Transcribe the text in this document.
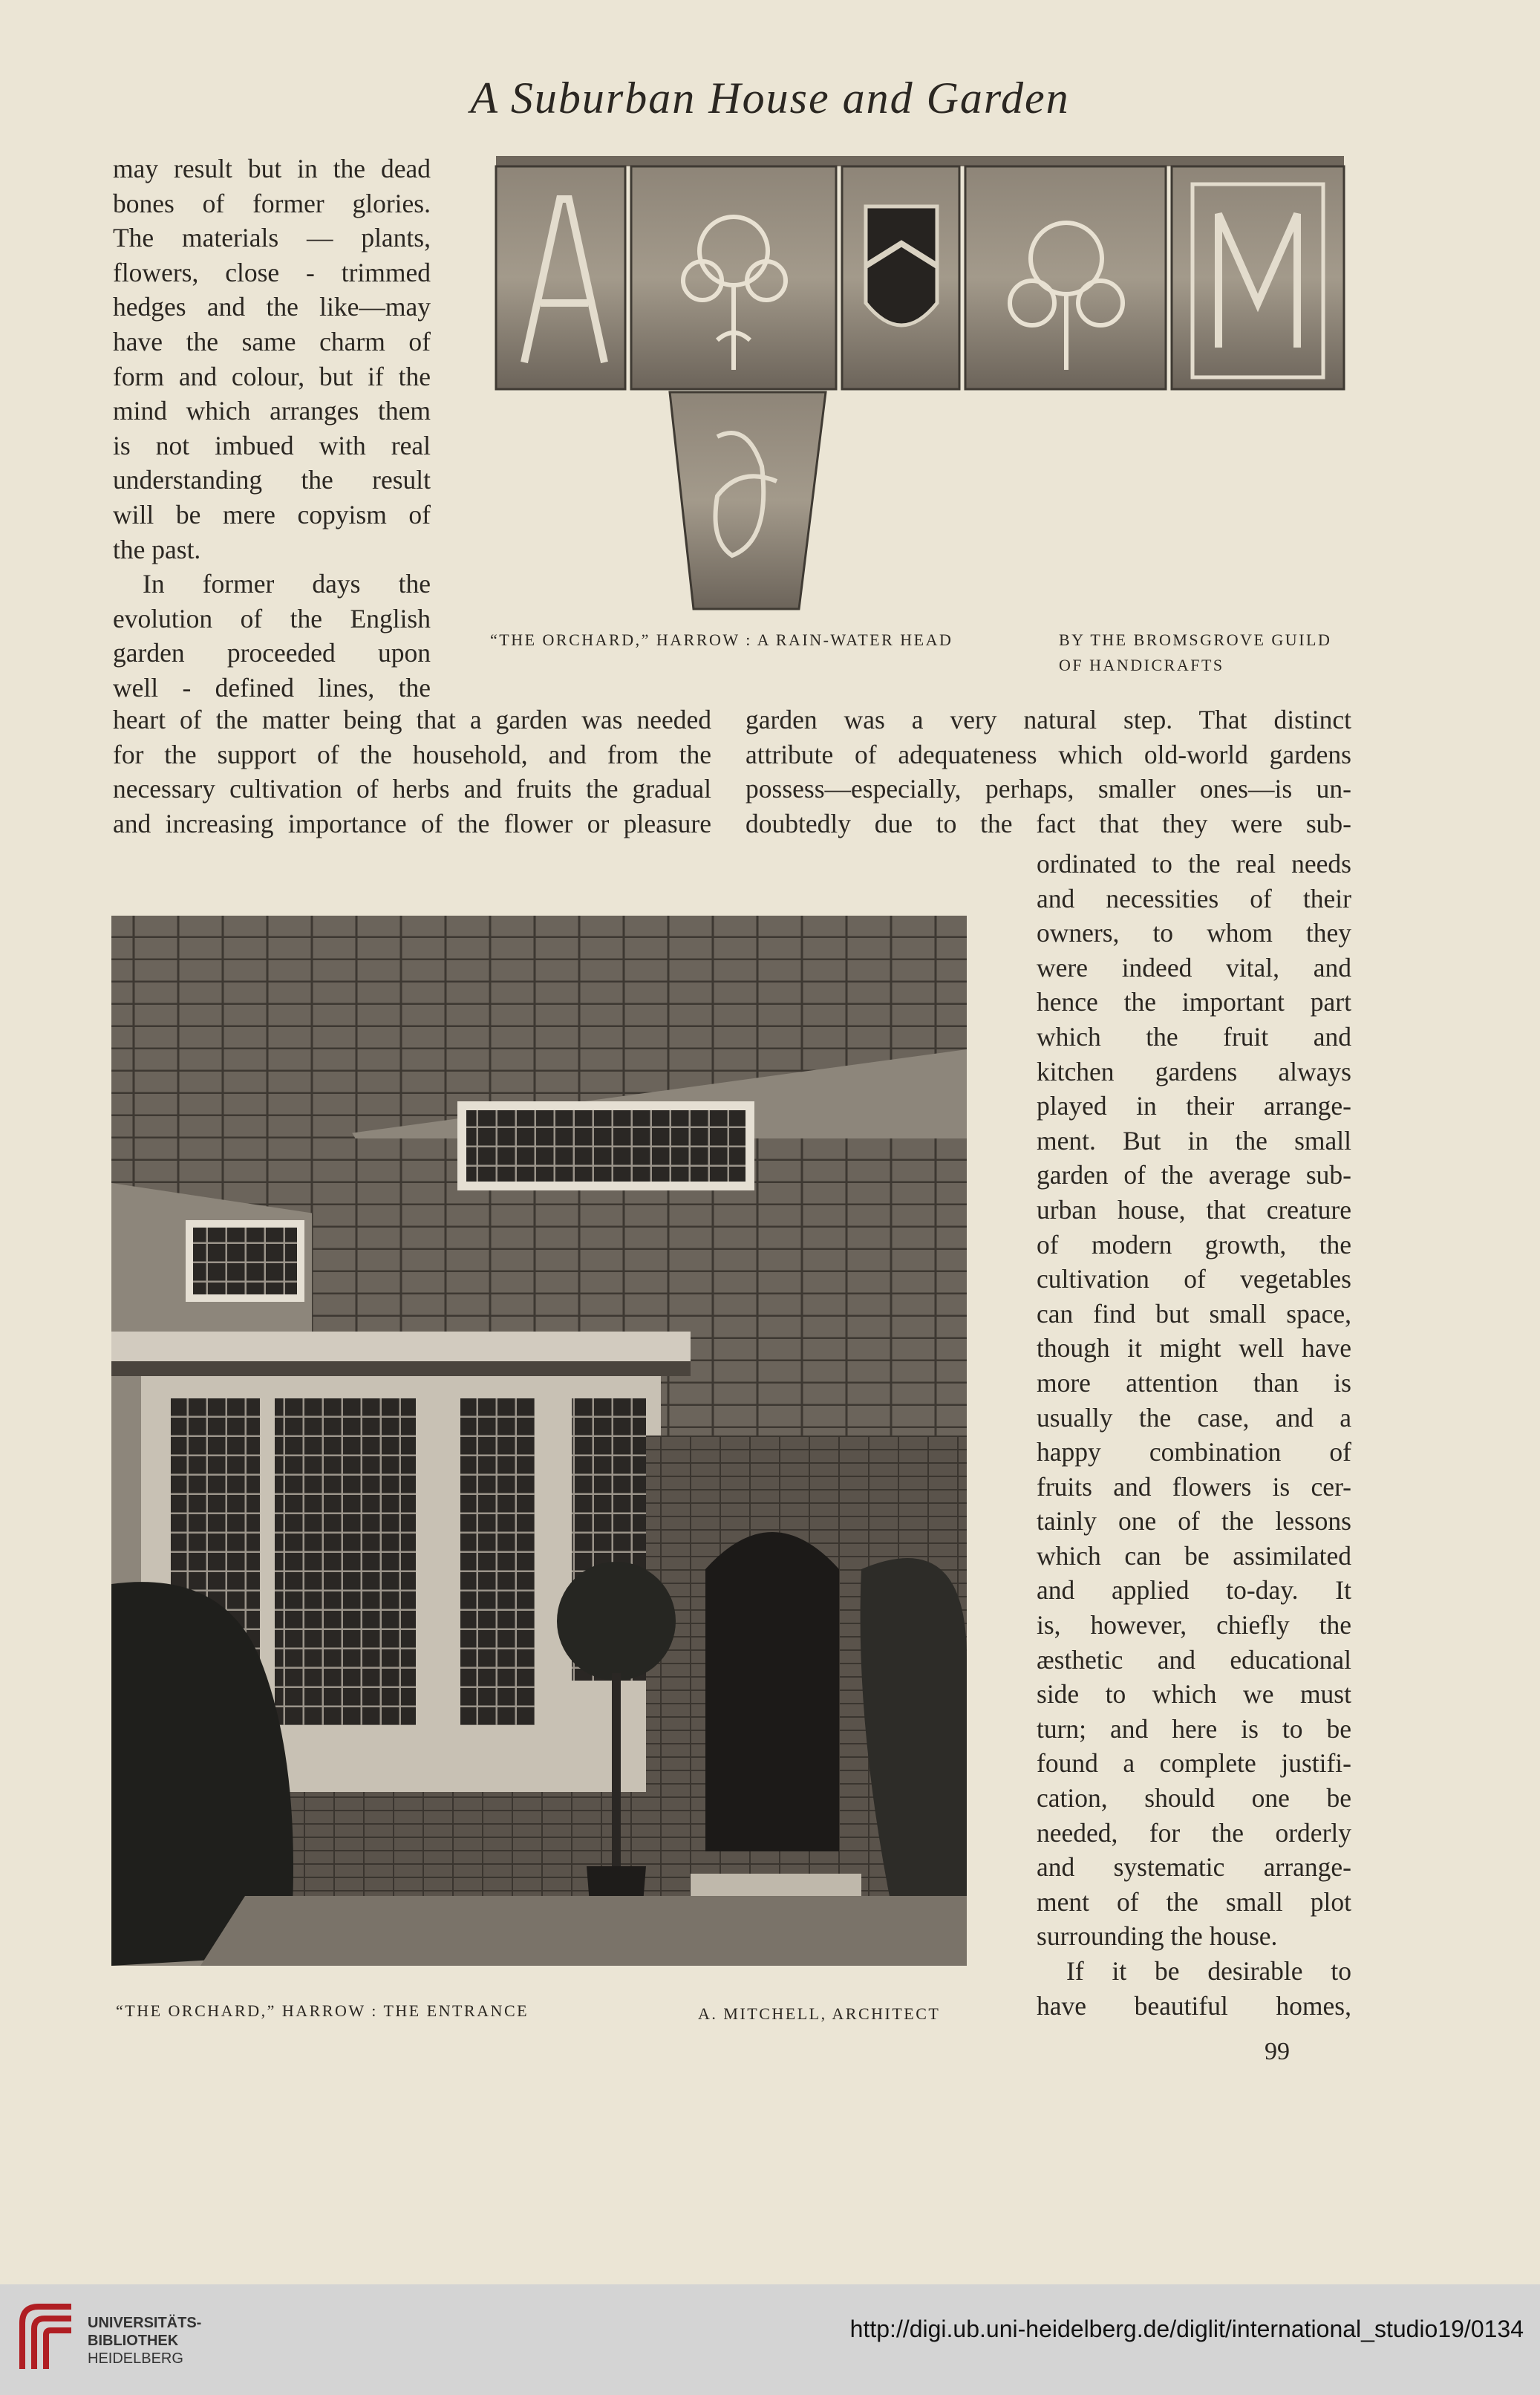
A Suburban House and Garden
may result but in the dead
bones of former glories.
The materials — plants,
flowers, close - trimmed
hedges and the like—may
have the same charm of
form and colour, but if the
mind which arranges them
is not imbued with real
understanding the result
will be mere copyism of
the past.
In former days the
evolution of the English
garden proceeded upon
well - defined lines, the
“THE ORCHARD,” HARROW : A RAIN-WATER HEAD	BY THE BROMSGROVE GUILD
OF HANDICRAFTS
heart of the matter being that a garden was needed
for the support of the household, and from the
necessary cultivation of herbs and fruits the gradual
and increasing importance of the flower or pleasure
garden was a very natural step. That distinct
attribute of adequateness which old-world gardens
possess—especially, perhaps, smaller ones—is un-
doubtedly due to the fact that they were sub-
“THE ORCHARD,” HARROW : THE ENTRANCE	A. MITCHELL, ARCHITECT
ordinated to the real needs
and necessities of their
owners, to whom they
were indeed vital, and
hence the important part
which the fruit and
kitchen gardens always
played in their arrange-
ment. But in the small
garden of the average sub-
urban house, that creature
of modern growth, the
cultivation of vegetables
can find but small space,
though it might well have
more attention than is
usually the case, and a
happy combination of
fruits and flowers is cer-
tainly one of the lessons
which can be assimilated
and applied to-day. It
is, however, chiefly the
æsthetic and educational
side to which we must
turn; and here is to be
found a complete justifi-
cation, should one be
needed, for the orderly
and systematic arrange-
ment of the small plot
surrounding the house.
If it be desirable to
have beautiful homes,
99
UNIVERSITÄTS-
BIBLIOTHEK
HEIDELBERG
http://digi.ub.uni-heidelberg.de/diglit/international_studio19/0134
